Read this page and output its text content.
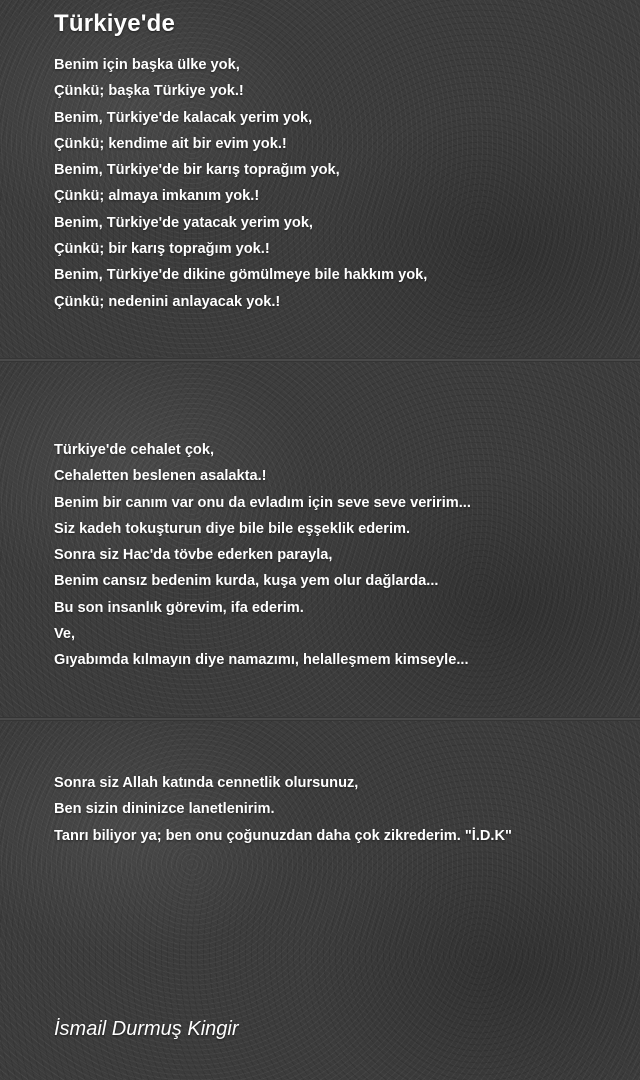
Türkiye'de
Benim için başka ülke yok,
Çünkü; başka Türkiye yok.!
Benim, Türkiye'de kalacak yerim yok,
Çünkü; kendime ait bir evim yok.!
Benim, Türkiye'de bir karış toprağım yok,
Çünkü; almaya imkanım yok.!
Benim, Türkiye'de yatacak yerim yok,
Çünkü; bir karış toprağım yok.!
Benim, Türkiye'de dikine gömülmeye bile hakkım yok,
Çünkü; nedenini anlayacak yok.!
Türkiye'de cehalet çok,
Cehaletten beslenen asalakta.!
Benim bir canım var onu da evladım için seve seve veririm...
Siz kadeh tokuşturun diye bile bile eşşeklik ederim.
Sonra siz Hac'da tövbe ederken parayla,
Benim cansız bedenim kurda, kuşa yem olur dağlarda...
Bu son insanlık görevim, ifa ederim.
Ve,
Gıyabımda kılmayın diye namazımı, helalleşmem kimseyle...
Sonra siz Allah katında cennetlik olursunuz,
Ben sizin dininizce lanetlenirim.
Tanrı biliyor ya; ben onu çoğunuzdan daha çok zikrederim. "İ.D.K"

İsmail Durmuş Kingir
